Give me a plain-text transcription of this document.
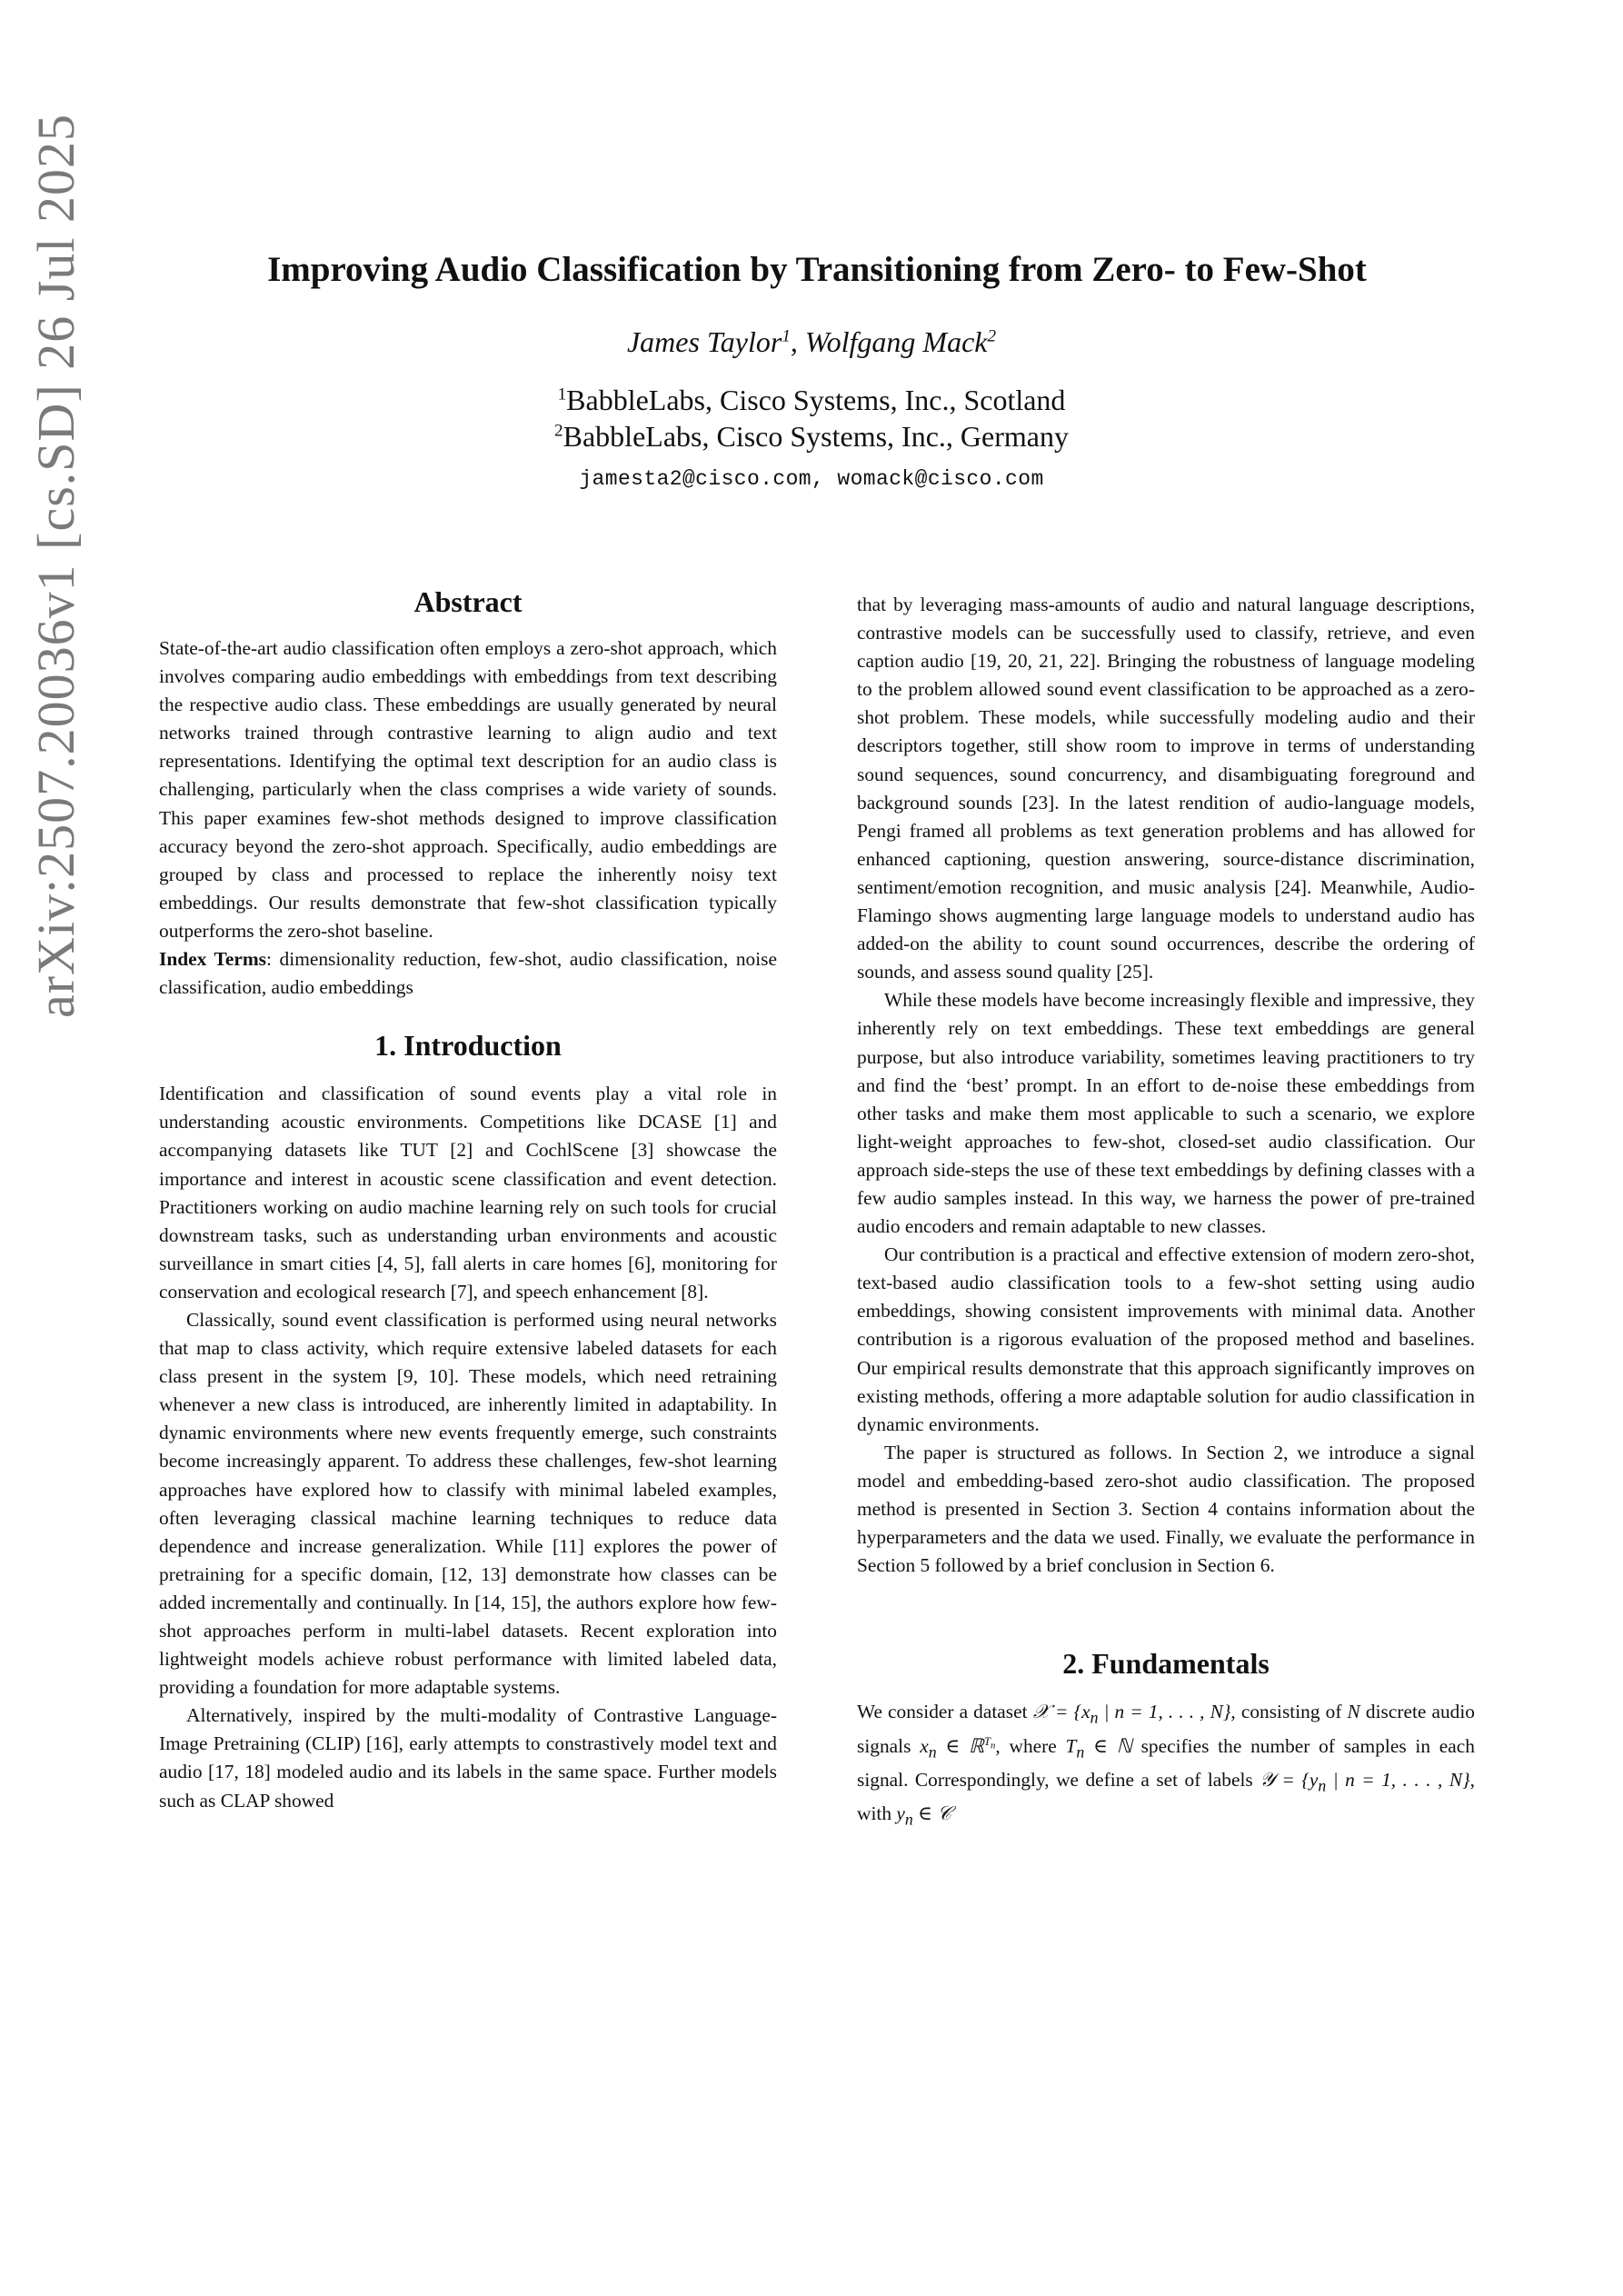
arXiv:2507.20036v1 [cs.SD] 26 Jul 2025	Improving Audio Classification by Transitioning from Zero- to Few-Shot
James Taylor$^1$, Wolfgang Mack$^2$
$^1$BabbleLabs, Cisco Systems, Inc., Scotland
$^2$BabbleLabs, Cisco Systems, Inc., Germany
jamesta2@cisco.com, womack@cisco.com
Abstract

State-of-the-art audio classification often employs a zero-shot approach, which involves comparing audio embeddings with embeddings from text describing the respective audio class. These embeddings are usually generated by neural networks trained through contrastive learning to align audio and text representations. Identifying the optimal text description for an audio class is challenging, particularly when the class comprises a wide variety of sounds. This paper examines few-shot methods designed to improve classification accuracy beyond the zero-shot approach. Specifically, audio embeddings are grouped by class and processed to replace the inherently noisy text embeddings. Our results demonstrate that few-shot classification typically outperforms the zero-shot baseline.

Index Terms: dimensionality reduction, few-shot, audio classification, noise classification, audio embeddings

1. Introduction

Identification and classification of sound events play a vital role in understanding acoustic environments. Competitions like DCASE [1] and accompanying datasets like TUT [2] and CochlScene [3] showcase the importance and interest in acoustic scene classification and event detection. Practitioners working on audio machine learning rely on such tools for crucial downstream tasks, such as understanding urban environments and acoustic surveillance in smart cities [4, 5], fall alerts in care homes [6], monitoring for conservation and ecological research [7], and speech enhancement [8].

Classically, sound event classification is performed using neural networks that map to class activity, which require extensive labeled datasets for each class present in the system [9, 10]. These models, which need retraining whenever a new class is introduced, are inherently limited in adaptability. In dynamic environments where new events frequently emerge, such constraints become increasingly apparent. To address these challenges, few-shot learning approaches have explored how to classify with minimal labeled examples, often leveraging classical machine learning techniques to reduce data dependence and increase generalization. While [11] explores the power of pretraining for a specific domain, [12, 13] demonstrate how classes can be added incrementally and continually. In [14, 15], the authors explore how few-shot approaches perform in multi-label datasets. Recent exploration into lightweight models achieve robust performance with limited labeled data, providing a foundation for more adaptable systems.

Alternatively, inspired by the multi-modality of Contrastive Language-Image Pretraining (CLIP) [16], early attempts to constrastively model text and audio [17, 18] modeled audio and its labels in the same space. Further models such as CLAP showed

that by leveraging mass-amounts of audio and natural language descriptions, contrastive models can be successfully used to classify, retrieve, and even caption audio [19, 20, 21, 22]. Bringing the robustness of language modeling to the problem allowed sound event classification to be approached as a zero-shot problem. These models, while successfully modeling audio and their descriptors together, still show room to improve in terms of understanding sound sequences, sound concurrency, and disambiguating foreground and background sounds [23]. In the latest rendition of audio-language models, Pengi framed all problems as text generation problems and has allowed for enhanced captioning, question answering, source-distance discrimination, sentiment/emotion recognition, and music analysis [24]. Meanwhile, Audio-Flamingo shows augmenting large language models to understand audio has added-on the ability to count sound occurrences, describe the ordering of sounds, and assess sound quality [25].

While these models have become increasingly flexible and impressive, they inherently rely on text embeddings. These text embeddings are general purpose, but also introduce variability, sometimes leaving practitioners to try and find the ‘best’ prompt. In an effort to de-noise these embeddings from other tasks and make them most applicable to such a scenario, we explore light-weight approaches to few-shot, closed-set audio classification. Our approach side-steps the use of these text embeddings by defining classes with a few audio samples instead. In this way, we harness the power of pre-trained audio encoders and remain adaptable to new classes.

Our contribution is a practical and effective extension of modern zero-shot, text-based audio classification tools to a few-shot setting using audio embeddings, showing consistent improvements with minimal data. Another contribution is a rigorous evaluation of the proposed method and baselines. Our empirical results demonstrate that this approach significantly improves on existing methods, offering a more adaptable solution for audio classification in dynamic environments.

The paper is structured as follows. In Section 2, we introduce a signal model and embedding-based zero-shot audio classification. The proposed method is presented in Section 3. Section 4 contains information about the hyperparameters and the data we used. Finally, we evaluate the performance in Section 5 followed by a brief conclusion in Section 6.

2. Fundamentals

We consider a dataset 𝒳 = {$x_n$ | n = 1, . . . , N}, consisting of N discrete audio signals $x_n$ ∈ ℝ$^{T_n}$, where $T_n$ ∈ ℕ specifies the number of samples in each signal. Correspondingly, we define a set of labels 𝒴 = {$y_n$ | n = 1, . . . , N}, with $y_n$ ∈ 𝒞
